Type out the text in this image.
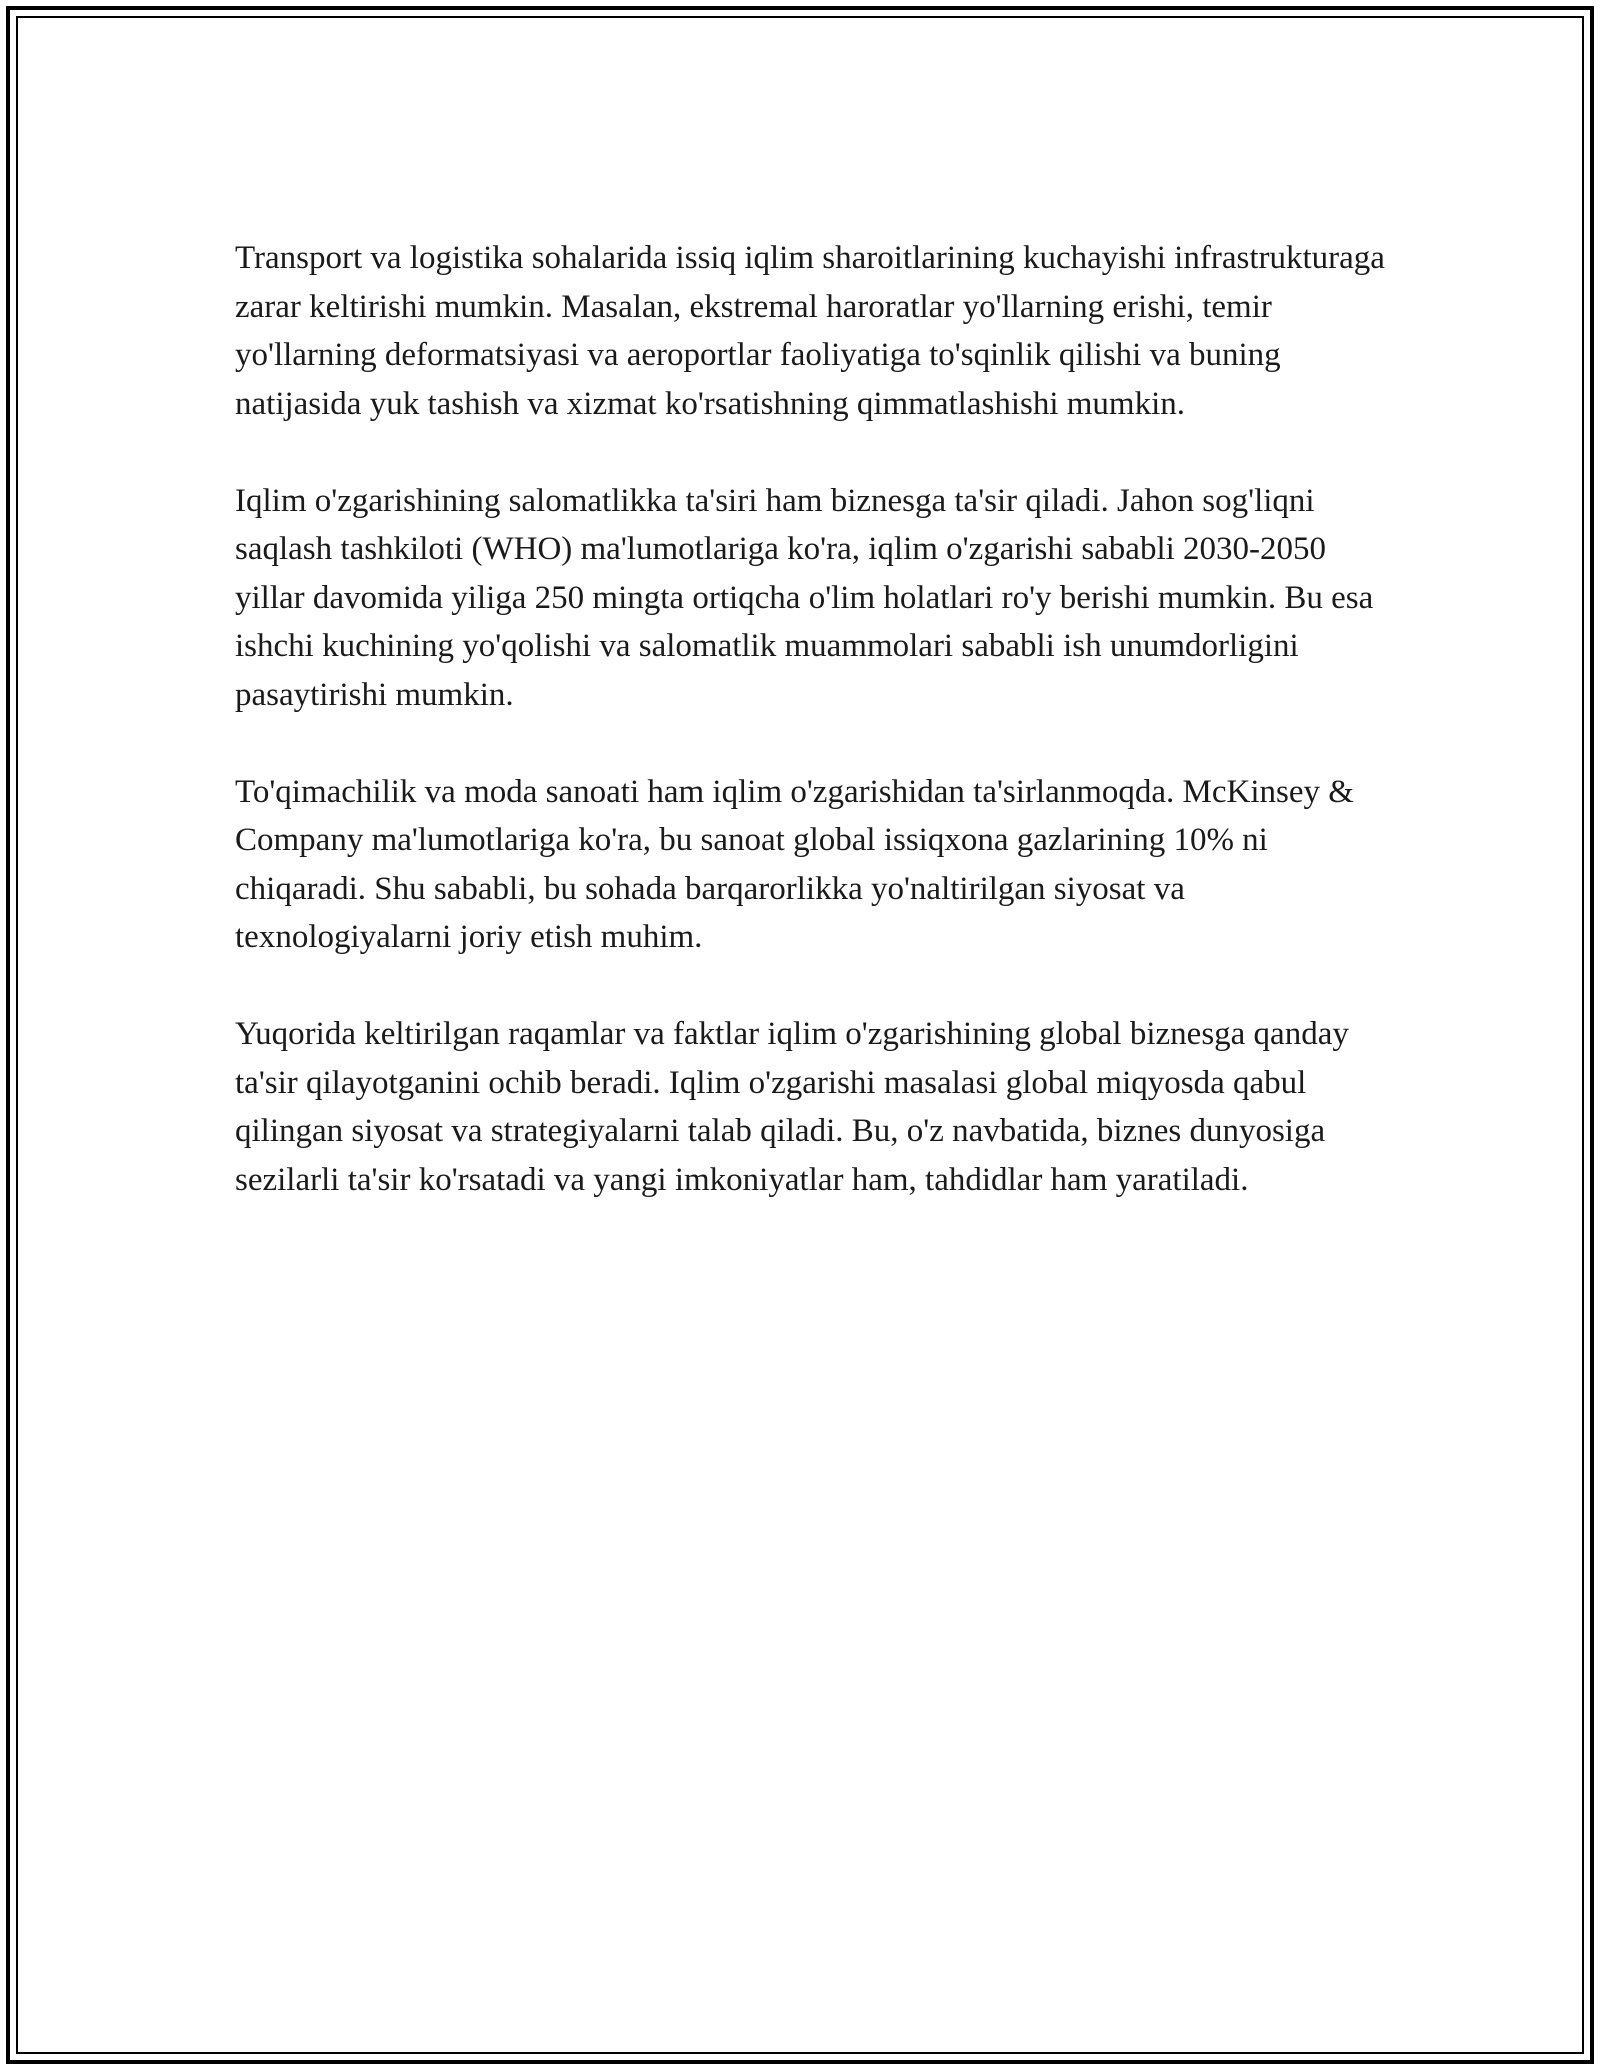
Transport va logistika sohalarida issiq iqlim sharoitlarining kuchayishi infrastrukturaga zarar keltirishi mumkin. Masalan, ekstremal haroratlar yo'llarning erishi, temir yo'llarning deformatsiyasi va aeroportlar faoliyatiga to'sqinlik qilishi va buning natijasida yuk tashish va xizmat ko'rsatishning qimmatlashishi mumkin.

Iqlim o'zgarishining salomatlikka ta'siri ham biznesga ta'sir qiladi. Jahon sog'liqni saqlash tashkiloti (WHO) ma'lumotlariga ko'ra, iqlim o'zgarishi sababli 2030-2050 yillar davomida yiliga 250 mingta ortiqcha o'lim holatlari ro'y berishi mumkin. Bu esa ishchi kuchining yo'qolishi va salomatlik muammolari sababli ish unumdorligini pasaytirishi mumkin.

To'qimachilik va moda sanoati ham iqlim o'zgarishidan ta'sirlanmoqda. McKinsey & Company ma'lumotlariga ko'ra, bu sanoat global issiqxona gazlarining 10% ni chiqaradi. Shu sababli, bu sohada barqarorlikka yo'naltirilgan siyosat va texnologiyalarni joriy etish muhim.

Yuqorida keltirilgan raqamlar va faktlar iqlim o'zgarishining global biznesga qanday ta'sir qilayotganini ochib beradi. Iqlim o'zgarishi masalasi global miqyosda qabul qilingan siyosat va strategiyalarni talab qiladi. Bu, o'z navbatida, biznes dunyosiga sezilarli ta'sir ko'rsatadi va yangi imkoniyatlar ham, tahdidlar ham yaratiladi.
